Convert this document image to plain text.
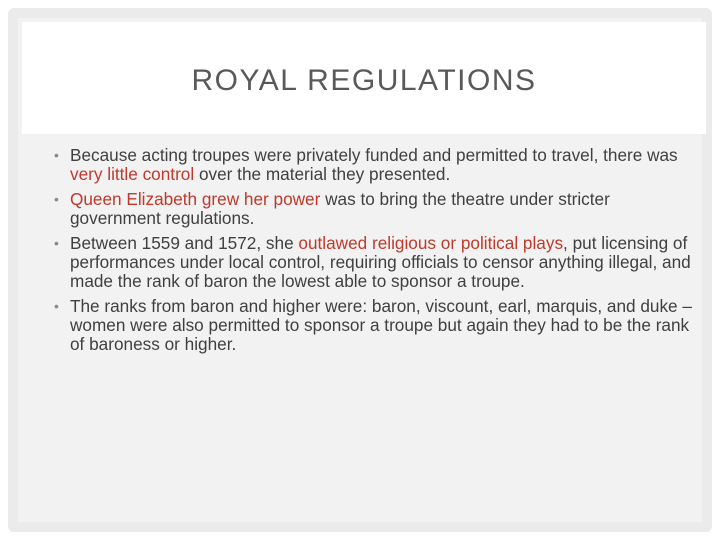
ROYAL REGULATIONS
• Because acting troupes were privately funded and permitted to travel, there was very little control over the material they presented.
• Queen Elizabeth grew her power was to bring the theatre under stricter government regulations.
• Between 1559 and 1572, she outlawed religious or political plays, put licensing of performances under local control, requiring officials to censor anything illegal, and made the rank of baron the lowest able to sponsor a troupe.
• The ranks from baron and higher were: baron, viscount, earl, marquis, and duke – women were also permitted to sponsor a troupe but again they had to be the rank of baroness or higher.
